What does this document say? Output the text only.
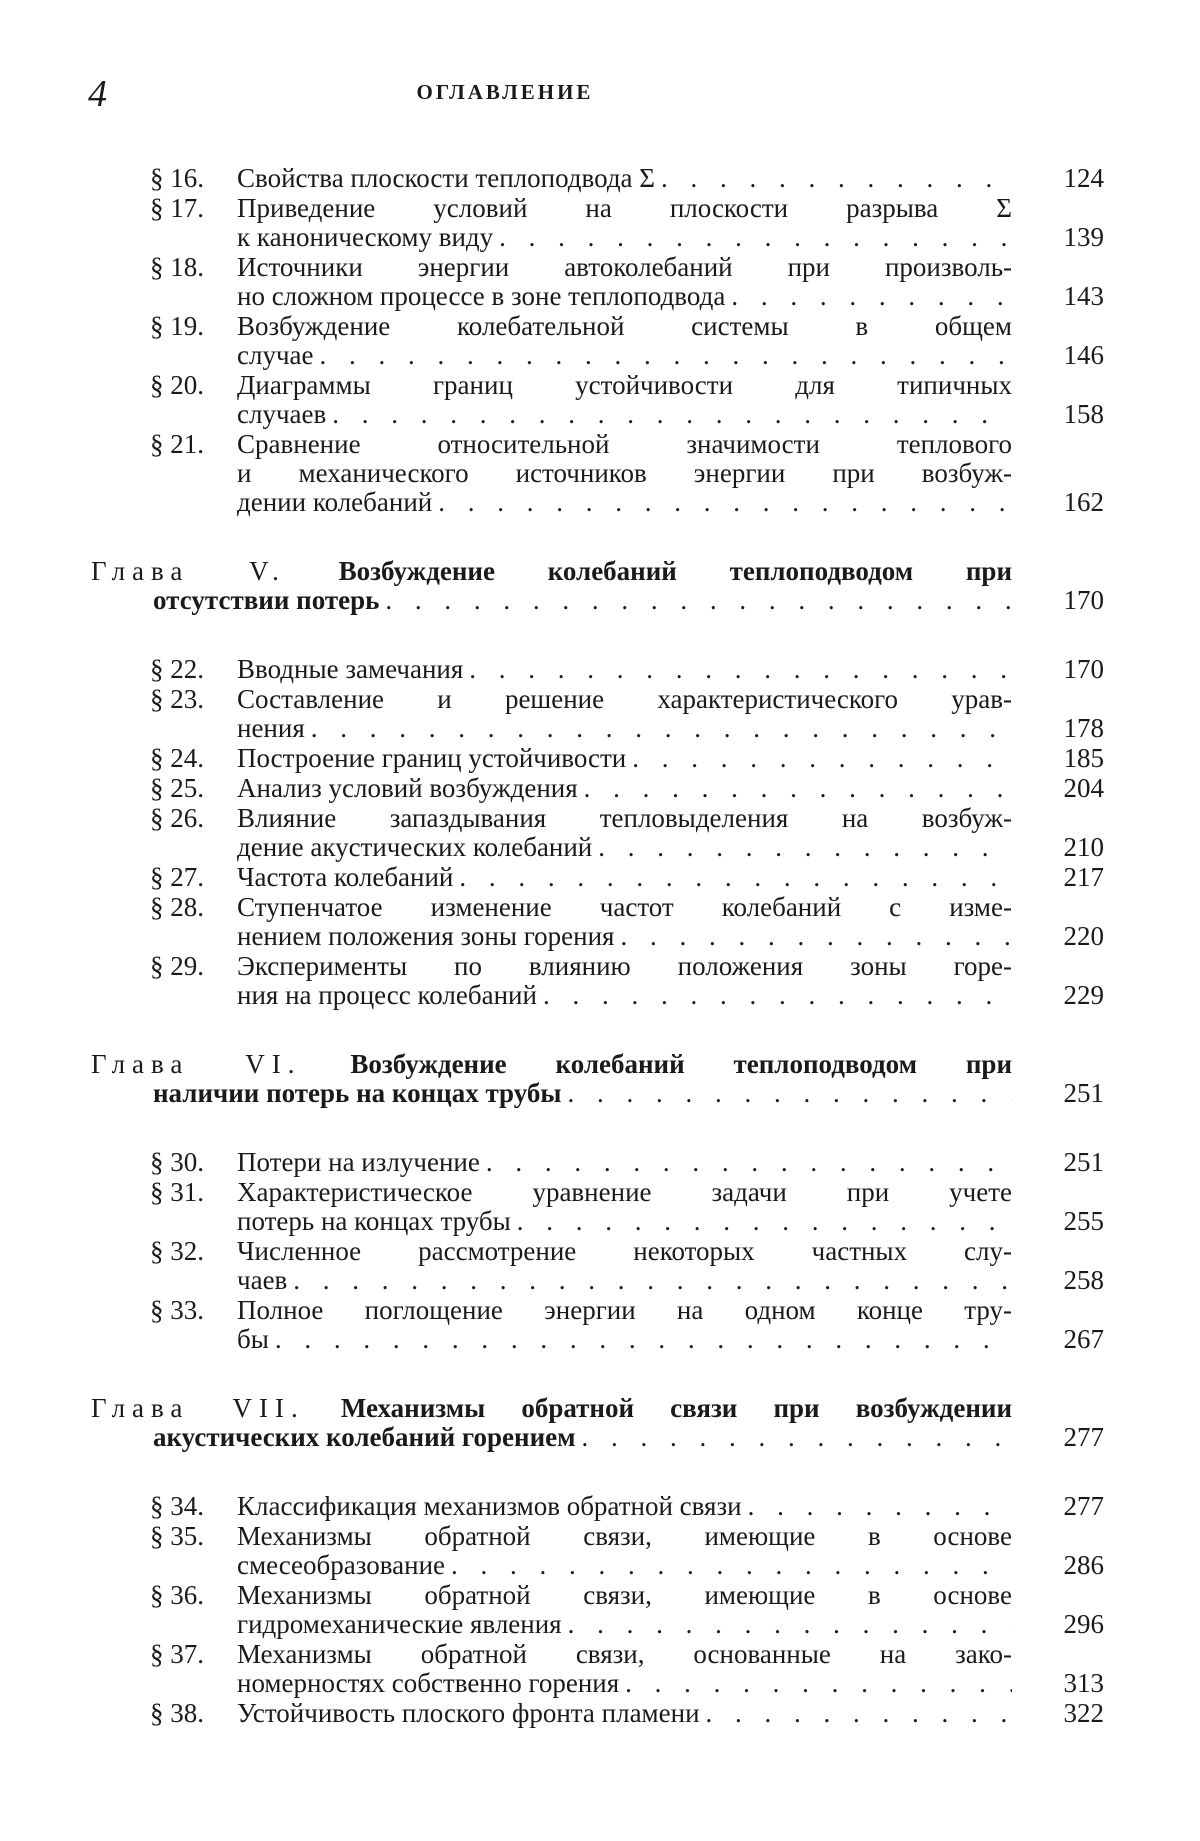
4	ОГЛАВЛЕНИЕ
§ 16. Свойства плоскости теплоподвода Σ . . .	124
§ 17. Приведение условий на плоскости разрыва Σ
к каноническому виду . . .	139
§ 18. Источники энергии автоколебаний при произволь-
но сложном процессе в зоне теплоподвода . . .	143
§ 19. Возбуждение колебательной системы в общем
случае . . .	146
§ 20. Диаграммы границ устойчивости для типичных
случаев . . .	158
§ 21. Сравнение относительной значимости теплового
и механического источников энергии при возбуж-
дении колебаний . . .	162
Глава V. Возбуждение колебаний теплоподводом при
отсутствии потерь . . .	170
§ 22. Вводные замечания . . .	170
§ 23. Составление и решение характеристического урав-
нения . . .	178
§ 24. Построение границ устойчивости . . .	185
§ 25. Анализ условий возбуждения . . .	204
§ 26. Влияние запаздывания тепловыделения на возбуж-
дение акустических колебаний . . .	210
§ 27. Частота колебаний . . .	217
§ 28. Ступенчатое изменение частот колебаний с изме-
нением положения зоны горения . . .	220
§ 29. Эксперименты по влиянию положения зоны горе-
ния на процесс колебаний . . .	229
Глава VI. Возбуждение колебаний теплоподводом при
наличии потерь на концах трубы . . .	251
§ 30. Потери на излучение . . .	251
§ 31. Характеристическое уравнение задачи при учете
потерь на концах трубы . . .	255
§ 32. Численное рассмотрение некоторых частных слу-
чаев . . .	258
§ 33. Полное поглощение энергии на одном конце тру-
бы . . .	267
Глава VII. Механизмы обратной связи при возбуждении
акустических колебаний горением . . .	277
§ 34. Классификация механизмов обратной связи . . .	277
§ 35. Механизмы обратной связи, имеющие в основе
смесеобразование . . .	286
§ 36. Механизмы обратной связи, имеющие в основе
гидромеханические явления . . .	296
§ 37. Механизмы обратной связи, основанные на зако-
номерностях собственно горения . . .	313
§ 38. Устойчивость плоского фронта пламени . . .	322
